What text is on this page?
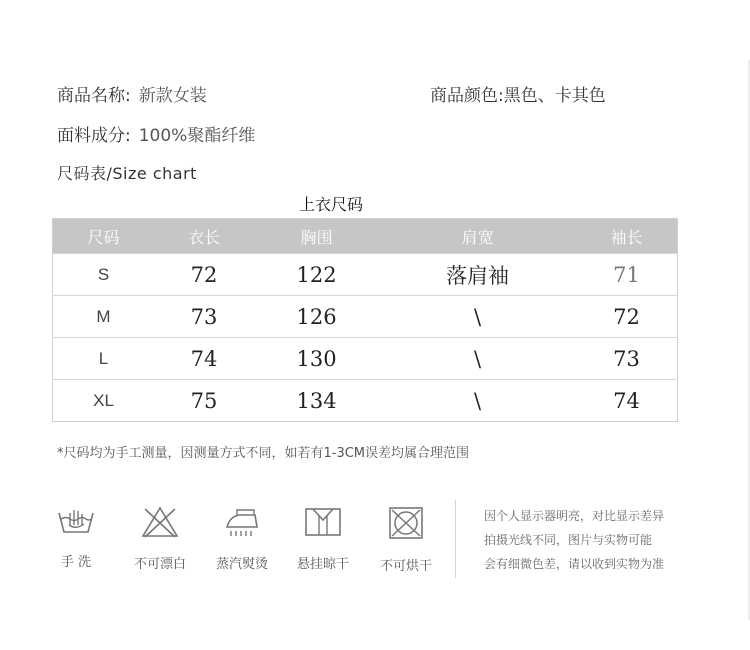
商品名称: 新款女装	商品颜色:黑色、卡其色
面料成分: 100%聚酯纤维
尺码表/Size chart
上衣尺码
尺码	衣长	胸围	肩宽	袖长
S	72	122	落肩袖	71
M	73	126	\	72
L	74	130	\	73
XL	75	134	\	74
*尺码均为手工测量，因测量方式不同，如若有1-3CM误差均属合理范围
手 洗	不可漂白	蒸汽熨烫	悬挂晾干	不可烘干
因个人显示器明亮，对比显示差异
拍摄光线不同，图片与实物可能
会有细微色差，请以收到实物为准
